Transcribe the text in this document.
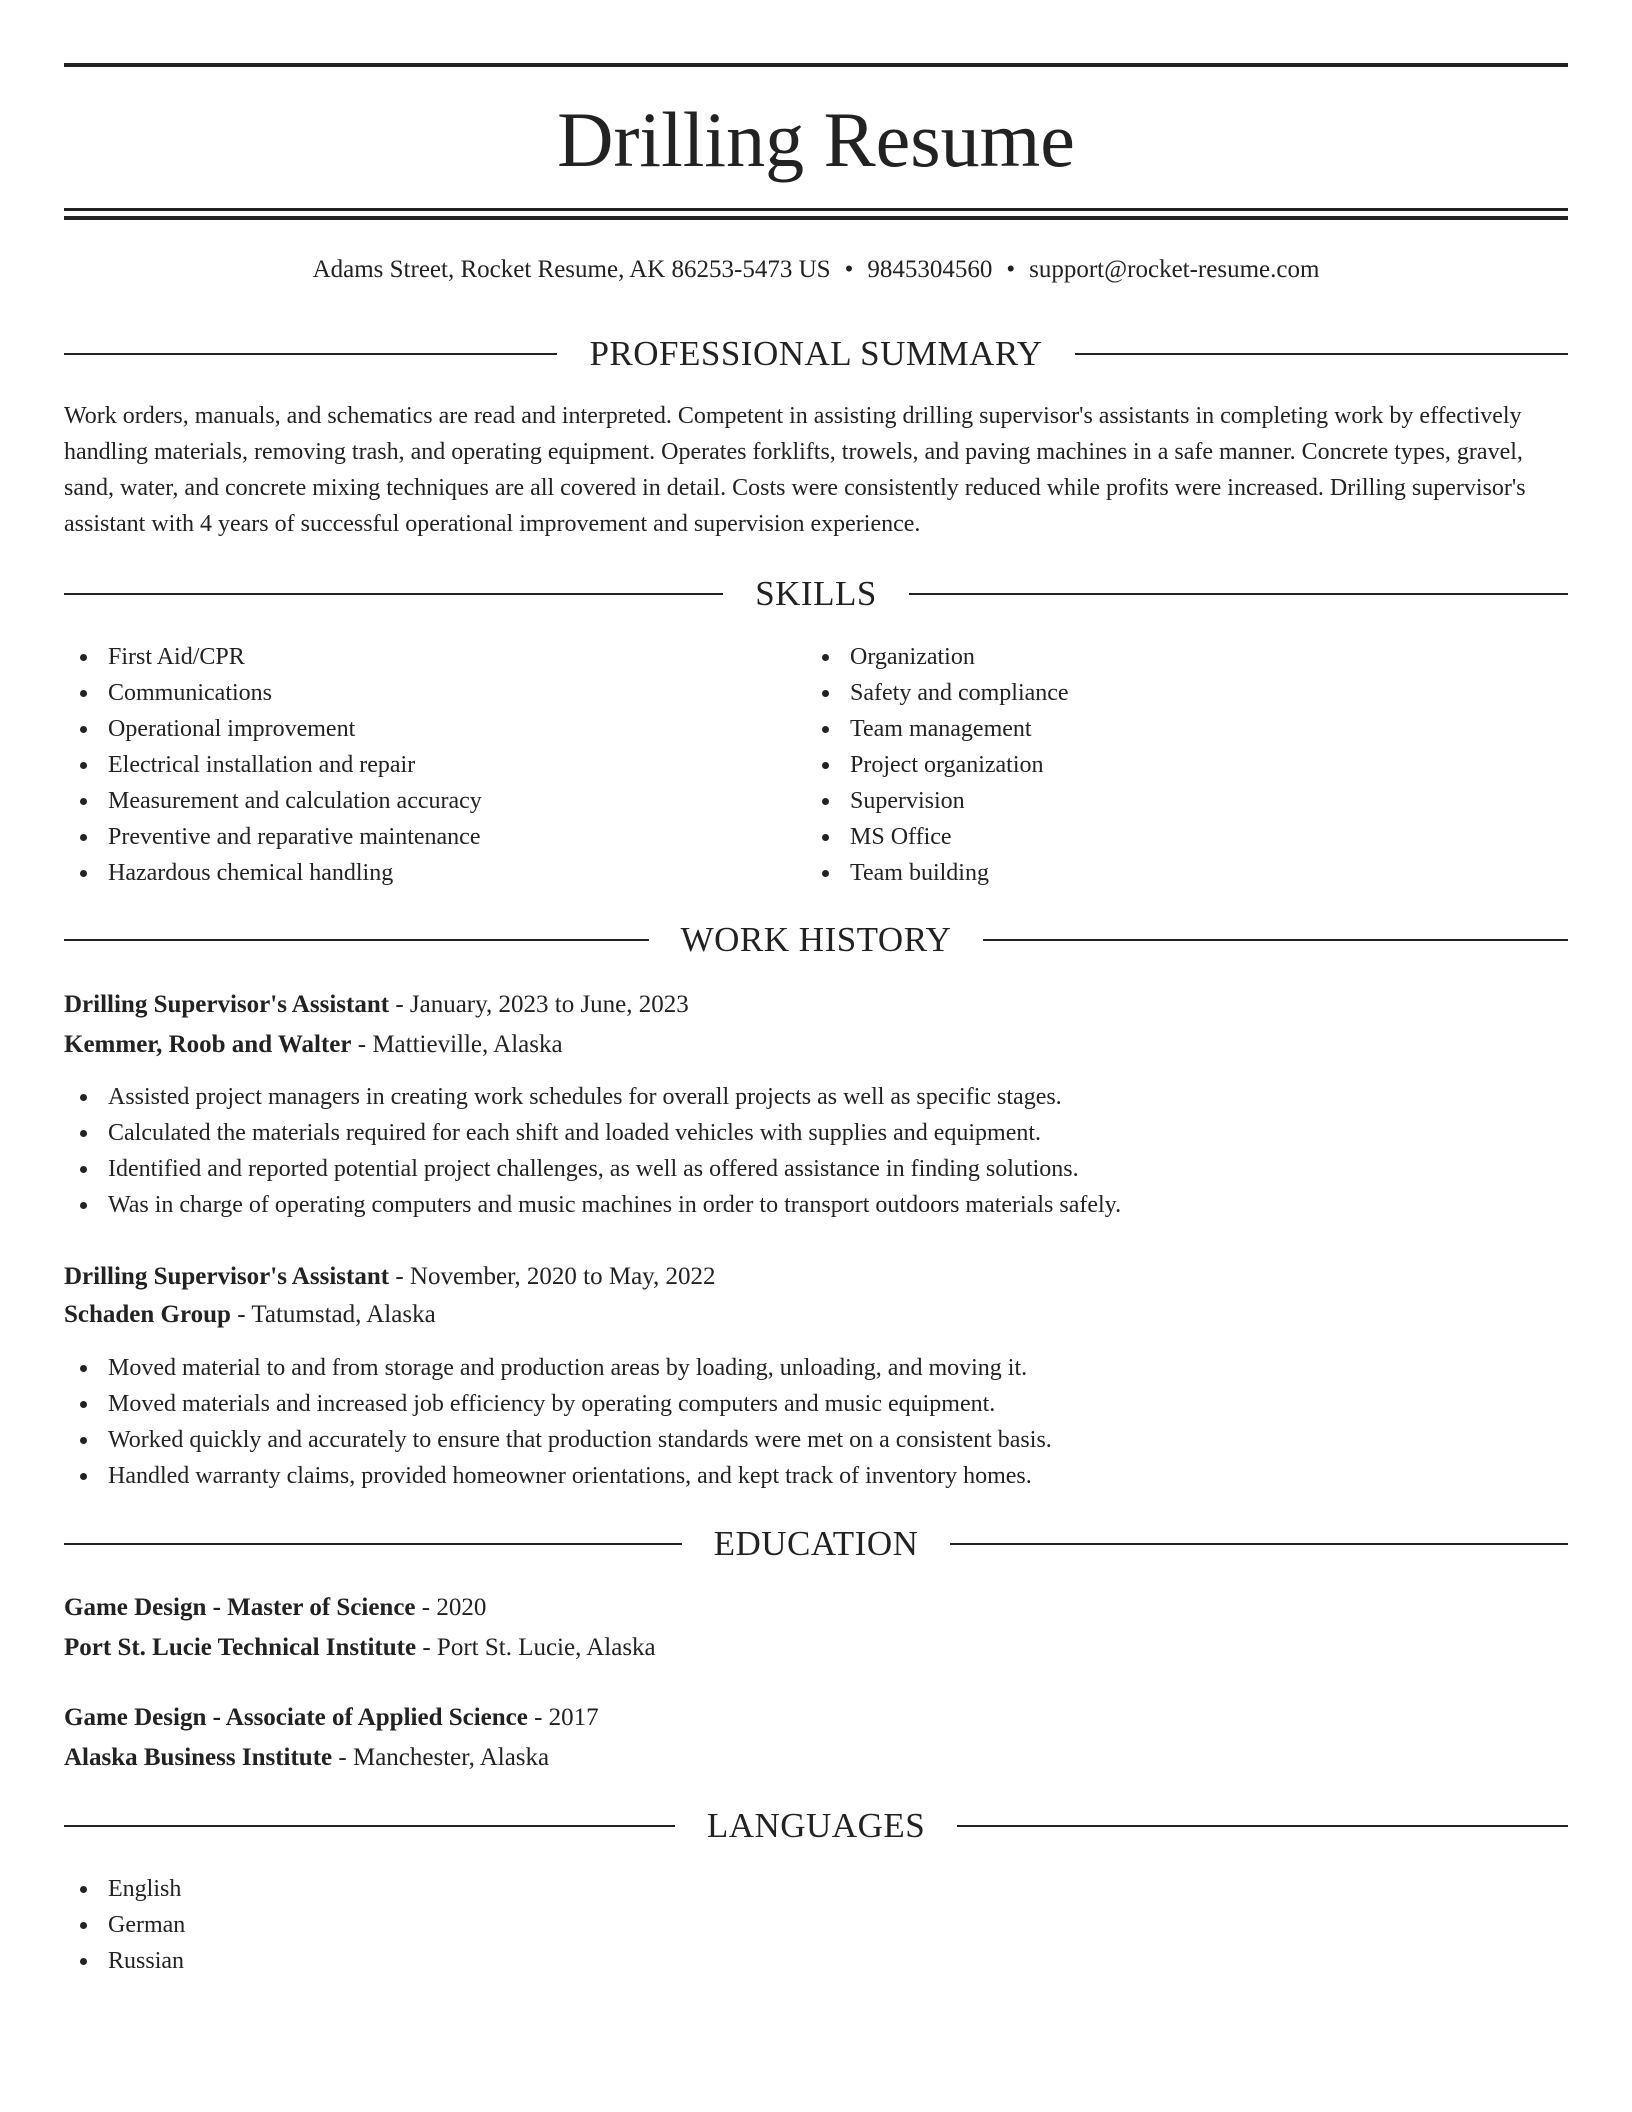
Drilling Resume
Adams Street, Rocket Resume, AK 86253-5473 US • 9845304560 • support@rocket-resume.com
PROFESSIONAL SUMMARY

Work orders, manuals, and schematics are read and interpreted. Competent in assisting drilling supervisor's assistants in completing work by effectively handling materials, removing trash, and operating equipment. Operates forklifts, trowels, and paving machines in a safe manner. Concrete types, gravel, sand, water, and concrete mixing techniques are all covered in detail. Costs were consistently reduced while profits were increased. Drilling supervisor's assistant with 4 years of successful operational improvement and supervision experience.

SKILLS
First Aid/CPR
Communications
Operational improvement
Electrical installation and repair
Measurement and calculation accuracy
Preventive and reparative maintenance
Hazardous chemical handling
Organization
Safety and compliance
Team management
Project organization
Supervision
MS Office
Team building
WORK HISTORY
Drilling Supervisor's Assistant - January, 2023 to June, 2023
Kemmer, Roob and Walter - Mattieville, Alaska
Assisted project managers in creating work schedules for overall projects as well as specific stages.
Calculated the materials required for each shift and loaded vehicles with supplies and equipment.
Identified and reported potential project challenges, as well as offered assistance in finding solutions.
Was in charge of operating computers and music machines in order to transport outdoors materials safely.
Drilling Supervisor's Assistant - November, 2020 to May, 2022
Schaden Group - Tatumstad, Alaska
Moved material to and from storage and production areas by loading, unloading, and moving it.
Moved materials and increased job efficiency by operating computers and music equipment.
Worked quickly and accurately to ensure that production standards were met on a consistent basis.
Handled warranty claims, provided homeowner orientations, and kept track of inventory homes.
EDUCATION
Game Design - Master of Science - 2020
Port St. Lucie Technical Institute - Port St. Lucie, Alaska
Game Design - Associate of Applied Science - 2017
Alaska Business Institute - Manchester, Alaska
LANGUAGES
English
German
Russian
